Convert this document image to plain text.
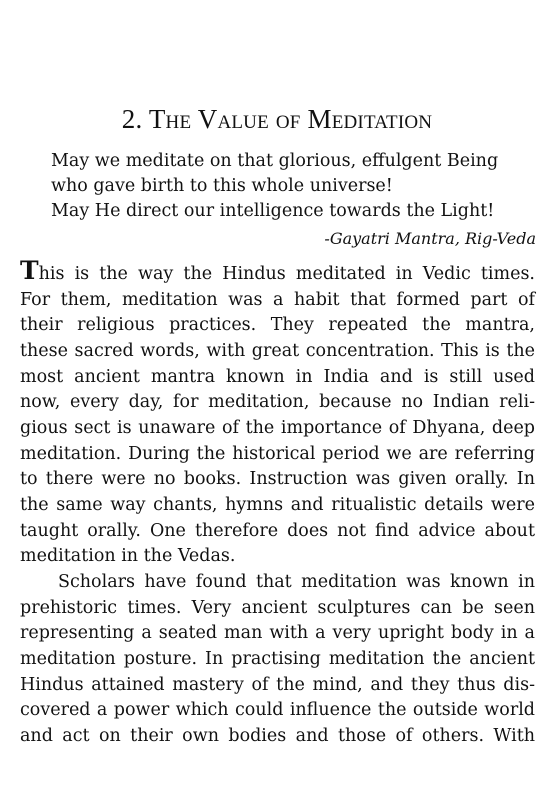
2. The Value of Meditation
May we meditate on that glorious, effulgent Being
who gave birth to this whole universe!
May He direct our intelligence towards the Light!
-Gayatri Mantra, Rig-Veda
This is the way the Hindus meditated in Vedic times.
For them, meditation was a habit that formed part of
their religious practices. They repeated the mantra,
these sacred words, with great concentration. This is the
most ancient mantra known in India and is still used
now, every day, for meditation, because no Indian reli-
gious sect is unaware of the importance of Dhyana, deep
meditation. During the historical period we are referring
to there were no books. Instruction was given orally. In
the same way chants, hymns and ritualistic details were
taught orally. One therefore does not find advice about
meditation in the Vedas.
Scholars have found that meditation was known in
prehistoric times. Very ancient sculptures can be seen
representing a seated man with a very upright body in a
meditation posture. In practising meditation the ancient
Hindus attained mastery of the mind, and they thus dis-
covered a power which could influence the outside world
and act on their own bodies and those of others. With
